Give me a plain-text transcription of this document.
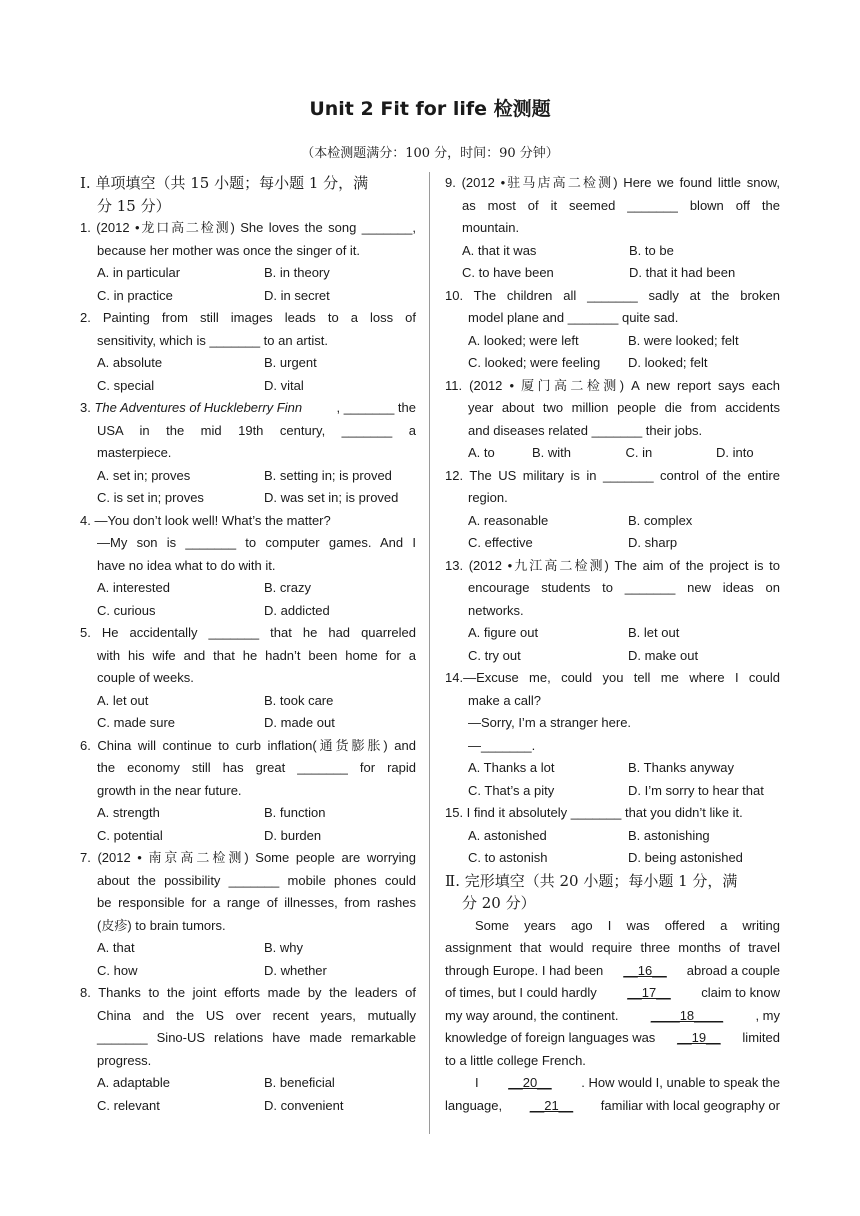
Unit 2 Fit for life 检测题
（本检测题满分：100 分，时间：90 分钟）
Ⅰ. 单项填空（共 15 小题；每小题 1 分，满
分 15 分）
1. (2012 •龙口高二检测) She loves the song _______,
because her mother was once the singer of it.
A. in particular	B. in theory
C. in practice	D. in secret
2. Painting from still images leads to a loss of
sensitivity, which is _______ to an artist.
A. absolute	B. urgent
C. special	D. vital
3. The Adventures of Huckleberry Finn	, _______ the
USA in the mid 19th century, _______ a
masterpiece.
A. set in; proves	B. setting in; is proved
C. is set in; proves	D. was set in; is proved
4. —You don’t look well! What’s the matter?
—My son is _______ to computer games. And I
have no idea what to do with it.
A. interested	B. crazy
C. curious	D. addicted
5. He accidentally _______ that he had quarreled
with his wife and that he hadn’t been home for a
couple of weeks.
A. let out	B. took care
C. made sure	D. made out
6. China will continue to curb inflation(通货膨胀) and
the economy still has great _______ for rapid
growth in the near future.
A. strength	B. function
C. potential	D. burden
7. (2012 • 南京高二检测) Some people are worrying
about the possibility _______ mobile phones could
be responsible for a range of illnesses, from rashes
(皮疹) to brain tumors.
A. that	B. why
C. how	D. whether
8. Thanks to the joint efforts made by the leaders of
China and the US over recent years, mutually
_______ Sino-US relations have made remarkable
progress.
A. adaptable	B. beneficial
C. relevant	D. convenient
9. (2012 •驻马店高二检测) Here we found little snow,
as most of it seemed _______ blown off the
mountain.
A. that it was	B. to be
C. to have been	D. that it had been
10. The children all _______ sadly at the broken
model plane and _______ quite sad.
A. looked; were left	B. were looked; felt
C. looked; were feeling	D. looked; felt
11. (2012 • 厦门高二检测) A new report says each
year about two million people die from accidents
and diseases related _______ their jobs.
A. to	B. with	C. in	D. into
12. The US military is in _______ control of the entire
region.
A. reasonable	B. complex
C. effective	D. sharp
13. (2012 •九江高二检测) The aim of the project is to
encourage students to _______ new ideas on
networks.
A. figure out	B. let out
C. try out	D. make out
14.—Excuse me, could you tell me where I could
make a call?
—Sorry, I’m a stranger here.
—_______.
A. Thanks a lot	B. Thanks anyway
C. That’s a pity	D. I’m sorry to hear that
15. I find it absolutely _______ that you didn’t like it.
A. astonished	B. astonishing
C. to astonish	D. being astonished
Ⅱ. 完形填空（共 20 小题；每小题 1 分，满
分 20 分）
Some years ago I was offered a writing
assignment that would require three months of travel
through Europe. I had been __16__ abroad a couple
of times, but I could hardly __17__ claim to know
my way around, the continent. ____18____ , my
knowledge of foreign languages was __19__ limited
to a little college French.
I __20__ . How would I, unable to speak the
language, __21__ familiar with local geography or
